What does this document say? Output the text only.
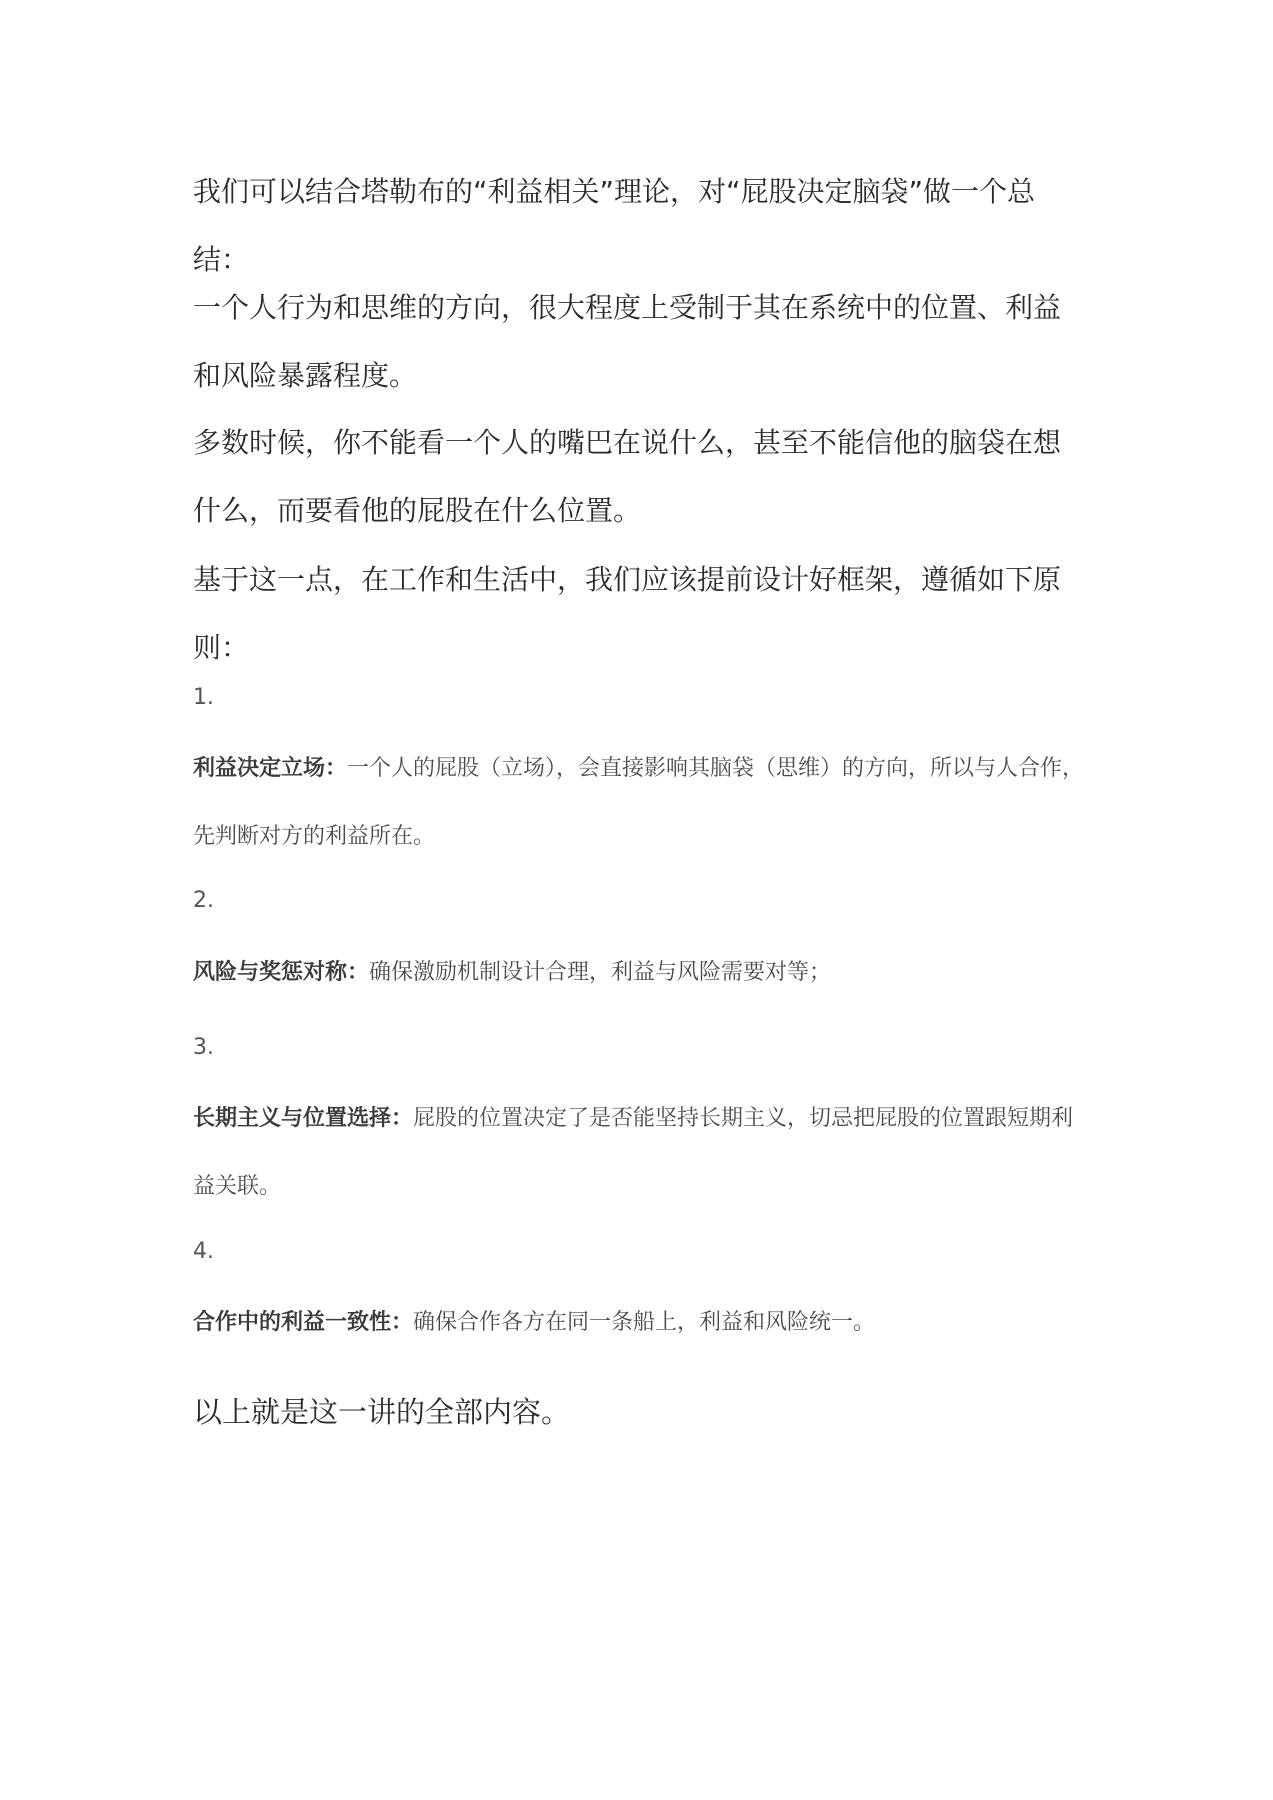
我们可以结合塔勒布的“利益相关”理论，对“屁股决定脑袋”做一个总结：

一个人行为和思维的方向，很大程度上受制于其在系统中的位置、利益和风险暴露程度。

多数时候，你不能看一个人的嘴巴在说什么，甚至不能信他的脑袋在想什么，而要看他的屁股在什么位置。

基于这一点，在工作和生活中，我们应该提前设计好框架，遵循如下原则：

1.

利益决定立场：一个人的屁股（立场），会直接影响其脑袋（思维）的方向，所以与人合作，先判断对方的利益所在。

2.

风险与奖惩对称：确保激励机制设计合理，利益与风险需要对等；

3.

长期主义与位置选择：屁股的位置决定了是否能坚持长期主义，切忌把屁股的位置跟短期利益关联。

4.

合作中的利益一致性：确保合作各方在同一条船上，利益和风险统一。

以上就是这一讲的全部内容。
